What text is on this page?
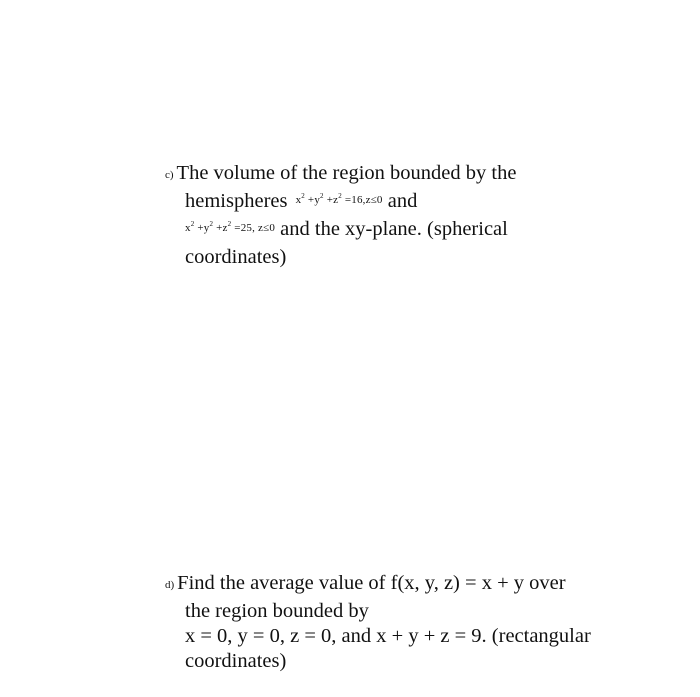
c) The volume of the region bounded by the
hemispheres $x^2 +y^2 +z^2 =16,z\le 0$ and
$x^2 +y^2 +z^2 =25$, z≤0 and the xy-plane. (spherical
coordinates)
d) Find the average value of f(x, y, z) = x + y over
the region bounded by
x = 0, y = 0, z = 0, and x + y + z = 9. (rectangular
coordinates)
